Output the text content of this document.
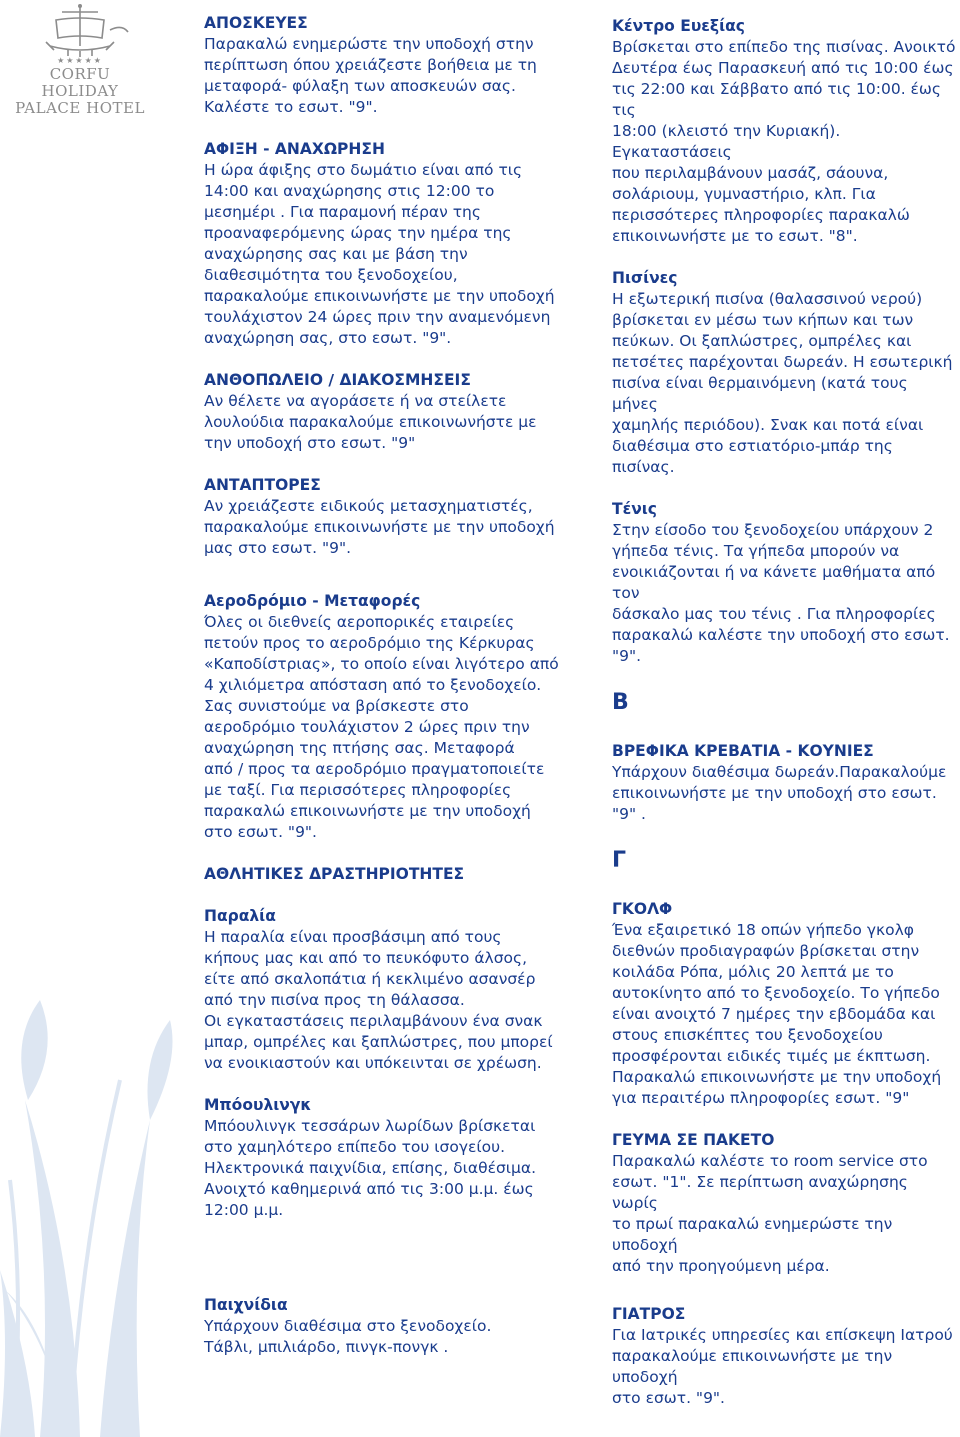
★★★★★
CORFU HOLIDAY
PALACE HOTEL
ΑΠΟΣΚΕΥΕΣ
Παρακαλώ ενημερώστε την υποδοχή στην
περίπτωση όπου χρειάζεστε βοήθεια με τη
μεταφορά- φύλαξη των αποσκευών σας.
Καλέστε το εσωτ. "9".
ΑΦΙΞΗ - ΑΝΑΧΩΡΗΣΗ
Η ώρα άφιξης στο δωμάτιο είναι από τις
14:00 και αναχώρησης στις 12:00 το
μεσημέρι . Για παραμονή πέραν της
προαναφερόμενης ώρας την ημέρα της
αναχώρησης σας και με βάση την
διαθεσιμότητα του ξενοδοχείου,
παρακαλούμε επικοινωνήστε με την υποδοχή
τουλάχιστον 24 ώρες πριν την αναμενόμενη
αναχώρηση σας, στο εσωτ. "9".
ΑΝΘΟΠΩΛΕΙΟ / ΔΙΑΚΟΣΜΗΣΕΙΣ
Αν θέλετε να αγοράσετε ή να στείλετε
λουλούδια παρακαλούμε επικοινωνήστε με
την υποδοχή στο εσωτ. "9"
ΑΝΤΑΠΤΟΡΕΣ
Αν χρειάζεστε ειδικούς μετασχηματιστές,
παρακαλούμε επικοινωνήστε με την υποδοχή
μας στο εσωτ. "9".
Αεροδρόμιο - Μεταφορές
Όλες οι διεθνείς αεροπορικές εταιρείες
πετούν προς το αεροδρόμιο της Κέρκυρας
«Καποδίστριας», το οποίο είναι λιγότερο από
4 χιλιόμετρα απόσταση από το ξενοδοχείο.
Σας συνιστούμε να βρίσκεστε στο
αεροδρόμιο τουλάχιστον 2 ώρες πριν την
αναχώρηση της πτήσης σας. Μεταφορά
από / προς τα αεροδρόμιο πραγματοποιείτε
με ταξί. Για περισσότερες πληροφορίες
παρακαλώ επικοινωνήστε με την υποδοχή
στο εσωτ. "9".
ΑΘΛΗΤΙΚΕΣ ΔΡΑΣΤΗΡΙΟΤΗΤΕΣ
Παραλία
Η παραλία είναι προσβάσιμη από τους
κήπους μας και από το πευκόφυτο άλσος,
είτε από σκαλοπάτια ή κεκλιμένο ασανσέρ
από την πισίνα προς τη θάλασσα.
Οι εγκαταστάσεις περιλαμβάνουν ένα σνακ
μπαρ, ομπρέλες και ξαπλώστρες, που μπορεί
να ενοικιαστούν και υπόκεινται σε χρέωση.
Μπόουλινγκ
Μπόουλινγκ τεσσάρων λωρίδων βρίσκεται
στο χαμηλότερο επίπεδο του ισογείου.
Ηλεκτρονικά παιχνίδια, επίσης, διαθέσιμα.
Ανοιχτό καθημερινά από τις 3:00 μ.μ. έως
12:00 μ.μ.
Κέντρο Ευεξίας
Βρίσκεται στο επίπεδο της πισίνας. Ανοικτό
Δευτέρα έως Παρασκευή από τις 10:00 έως
τις 22:00 και Σάββατο από τις 10:00. έως τις
18:00 (κλειστό την Κυριακή). Εγκαταστάσεις
που περιλαμβάνουν μασάζ, σάουνα,
σολάριουμ, γυμναστήριο, κλπ. Για
περισσότερες πληροφορίες παρακαλώ
επικοινωνήστε με το εσωτ. "8".
Πισίνες
Η εξωτερική πισίνα (θαλασσινού νερού)
βρίσκεται εν μέσω των κήπων και των
πεύκων. Οι ξαπλώστρες, ομπρέλες και
πετσέτες παρέχονται δωρεάν. Η εσωτερική
πισίνα είναι θερμαινόμενη (κατά τους μήνες
χαμηλής περιόδου). Σνακ και ποτά είναι
διαθέσιμα στο εστιατόριο-μπάρ της πισίνας.
Τένις
Στην είσοδο του ξενοδοχείου υπάρχουν 2
γήπεδα τένις. Τα γήπεδα μπορούν να
ενοικιάζονται ή να κάνετε μαθήματα από τον
δάσκαλο μας του τένις . Για πληροφορίες
παρακαλώ καλέστε την υποδοχή στο εσωτ.
"9".
B
ΒΡΕΦΙΚΑ ΚΡΕΒΑΤΙΑ - ΚΟΥΝΙΕΣ
Υπάρχουν διαθέσιμα δωρεάν.Παρακαλούμε
επικοινωνήστε με την υποδοχή στο εσωτ.
"9" .
Γ
ΓΚΟΛΦ
Ένα εξαιρετικό 18 οπών γήπεδο γκολφ
διεθνών προδιαγραφών βρίσκεται στην
κοιλάδα Ρόπα, μόλις 20 λεπτά με το
αυτοκίνητο από το ξενοδοχείο. Το γήπεδο
είναι ανοιχτό 7 ημέρες την εβδομάδα και
στους επισκέπτες του ξενοδοχείου
προσφέρονται ειδικές τιμές με έκπτωση.
Παρακαλώ επικοινωνήστε με την υποδοχή
για περαιτέρω πληροφορίες εσωτ. "9"
ΓΕΥΜΑ ΣΕ ΠΑΚΕΤΟ
Παρακαλώ καλέστε το room service στο
εσωτ. "1". Σε περίπτωση αναχώρησης νωρίς
το πρωί παρακαλώ ενημερώστε την υποδοχή
από την προηγούμενη μέρα.
Παιχνίδια
Υπάρχουν διαθέσιμα στο ξενοδοχείο.
Τάβλι, μπιλιάρδο, πινγκ-πονγκ .
ΓΙΑΤΡΟΣ
Για Ιατρικές υπηρεσίες και επίσκεψη Ιατρού
παρακαλούμε επικοινωνήστε με την υποδοχή
στο εσωτ. "9".
